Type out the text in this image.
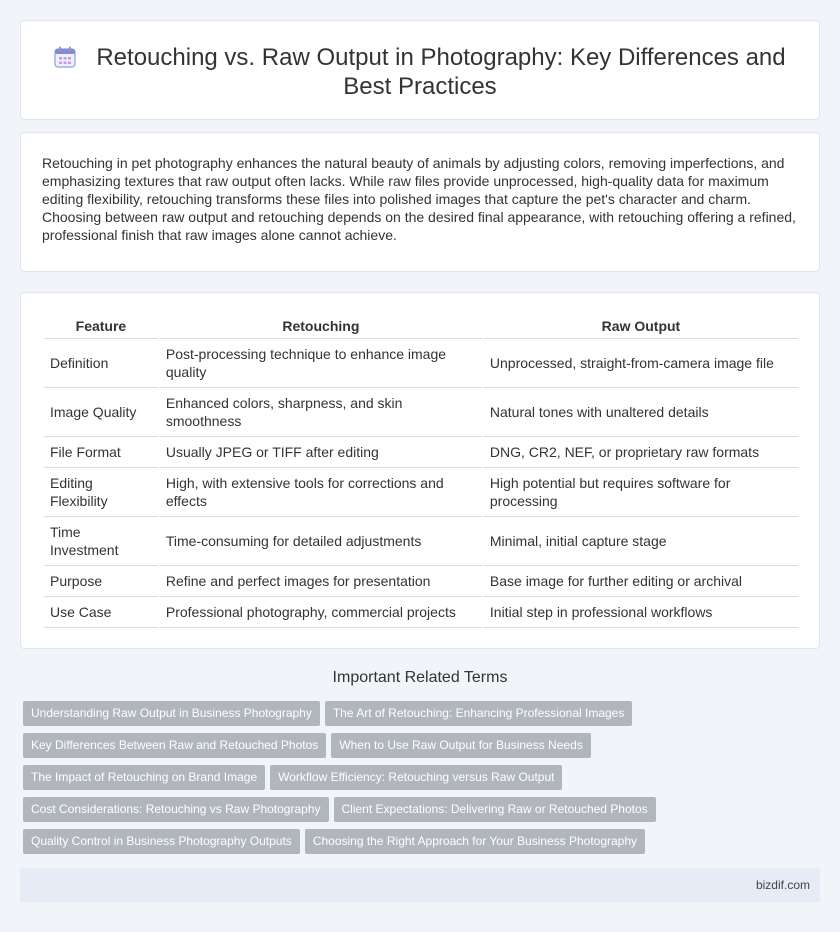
Retouching vs. Raw Output in Photography: Key Differences and
Best Practices

Retouching in pet photography enhances the natural beauty of animals by adjusting colors, removing imperfections, and emphasizing textures that raw output often lacks. While raw files provide unprocessed, high-quality data for maximum editing flexibility, retouching transforms these files into polished images that capture the pet's character and charm. Choosing between raw output and retouching depends on the desired final appearance, with retouching offering a refined, professional finish that raw images alone cannot achieve.

Feature	Retouching	Raw Output
Definition	Post-processing technique to enhance image quality	Unprocessed, straight-from-camera image file
Image Quality	Enhanced colors, sharpness, and skin smoothness	Natural tones with unaltered details
File Format	Usually JPEG or TIFF after editing	DNG, CR2, NEF, or proprietary raw formats
Editing Flexibility	High, with extensive tools for corrections and effects	High potential but requires software for processing
Time Investment	Time-consuming for detailed adjustments	Minimal, initial capture stage
Purpose	Refine and perfect images for presentation	Base image for further editing or archival
Use Case	Professional photography, commercial projects	Initial step in professional workflows
Important Related Terms
Understanding Raw Output in Business Photography The Art of Retouching: Enhancing Professional Images
Key Differences Between Raw and Retouched Photos When to Use Raw Output for Business Needs
The Impact of Retouching on Brand Image Workflow Efficiency: Retouching versus Raw Output
Cost Considerations: Retouching vs Raw Photography Client Expectations: Delivering Raw or Retouched Photos
Quality Control in Business Photography Outputs Choosing the Right Approach for Your Business Photography
bizdif.com
